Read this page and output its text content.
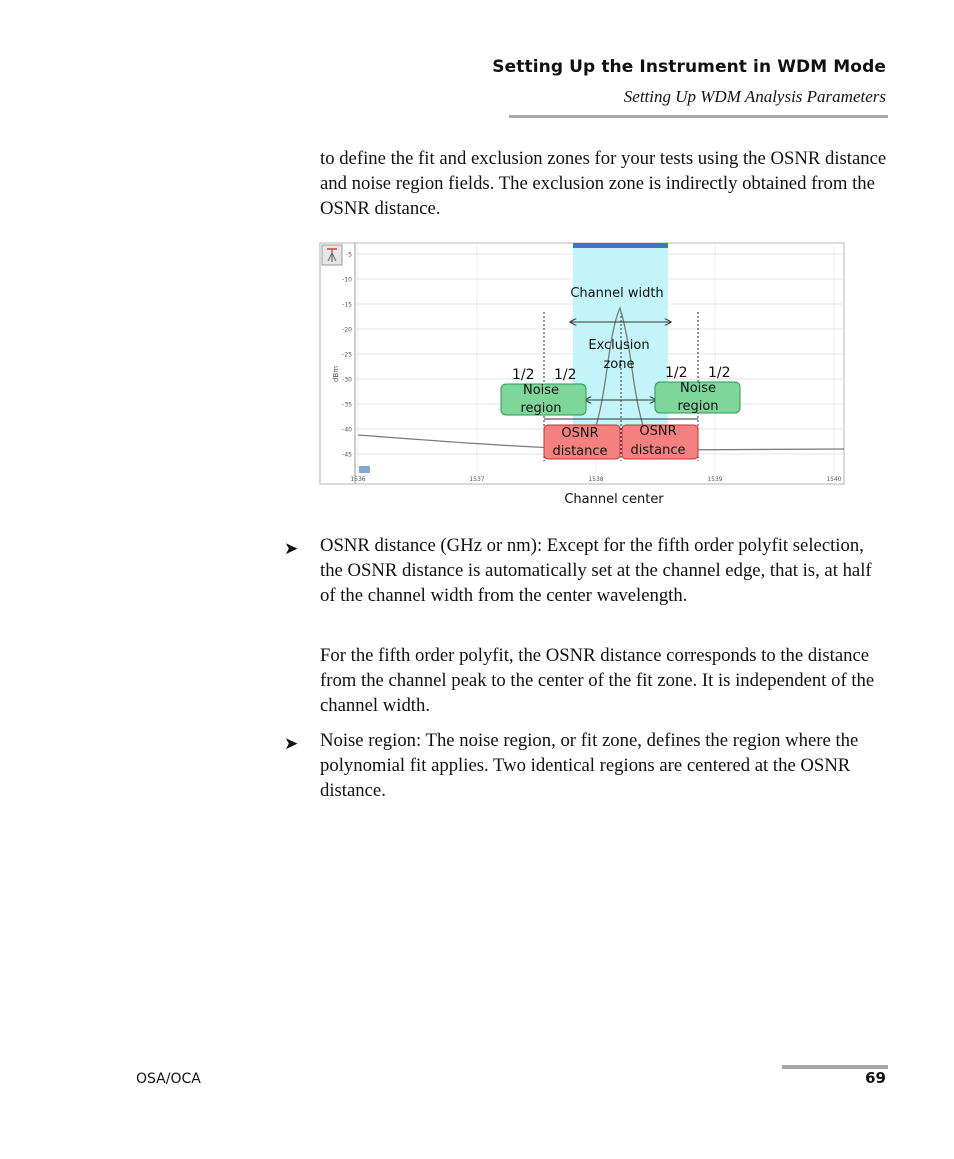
Setting Up the Instrument in WDM Mode
Setting Up WDM Analysis Parameters

to define the fit and exclusion zones for your tests using the OSNR distance and noise region fields. The exclusion zone is indirectly obtained from the OSNR distance.

-5
-10
-15
-20
-25
-30
-35
-40
-45
1536	1537	1538	1539	1540
dBm
Channel width
Exclusion
zone
1/2 1/2	1/2 1/2
Noise
region
Noise
region
OSNR
distance
OSNR
distance
Channel center
➤ OSNR distance (GHz or nm): Except for the fifth order polyfit selection, the OSNR distance is automatically set at the channel edge, that is, at half of the channel width from the center wavelength.

For the fifth order polyfit, the OSNR distance corresponds to the distance from the channel peak to the center of the fit zone. It is independent of the channel width.

➤ Noise region: The noise region, or fit zone, defines the region where the polynomial fit applies. Two identical regions are centered at the OSNR distance.

OSA/OCA	69
